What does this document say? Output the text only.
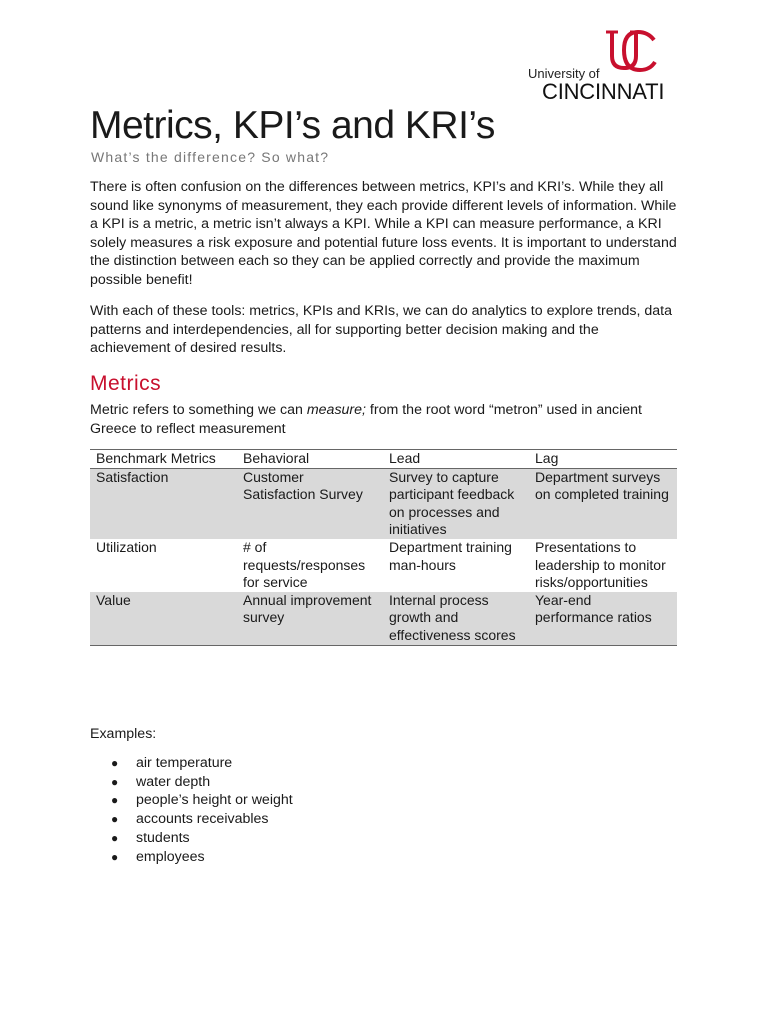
University of
CINCINNATI
Metrics, KPI’s and KRI’s

What’s the difference? So what?

There is often confusion on the differences between metrics, KPI’s and KRI’s. While they all sound like synonyms of measurement, they each provide different levels of information. While a KPI is a metric, a metric isn’t always a KPI. While a KPI can measure performance, a KRI solely measures a risk exposure and potential future loss events. It is important to understand the distinction between each so they can be applied correctly and provide the maximum possible benefit!

With each of these tools: metrics, KPIs and KRIs, we can do analytics to explore trends, data patterns and interdependencies, all for supporting better decision making and the achievement of desired results.

Metrics

Metric refers to something we can measure; from the root word “metron” used in ancient Greece to reflect measurement

Benchmark Metrics	Behavioral	Lead	Lag
Satisfaction	Customer Satisfaction Survey	Survey to capture participant feedback on processes and initiatives	Department surveys on completed training
Utilization	# of requests/responses for service	Department training man-hours	Presentations to leadership to monitor risks/opportunities
Value	Annual improvement survey	Internal process growth and effectiveness scores	Year-end performance ratios

Examples:

● air temperature
● water depth
● people’s height or weight
● accounts receivables
● students
● employees
